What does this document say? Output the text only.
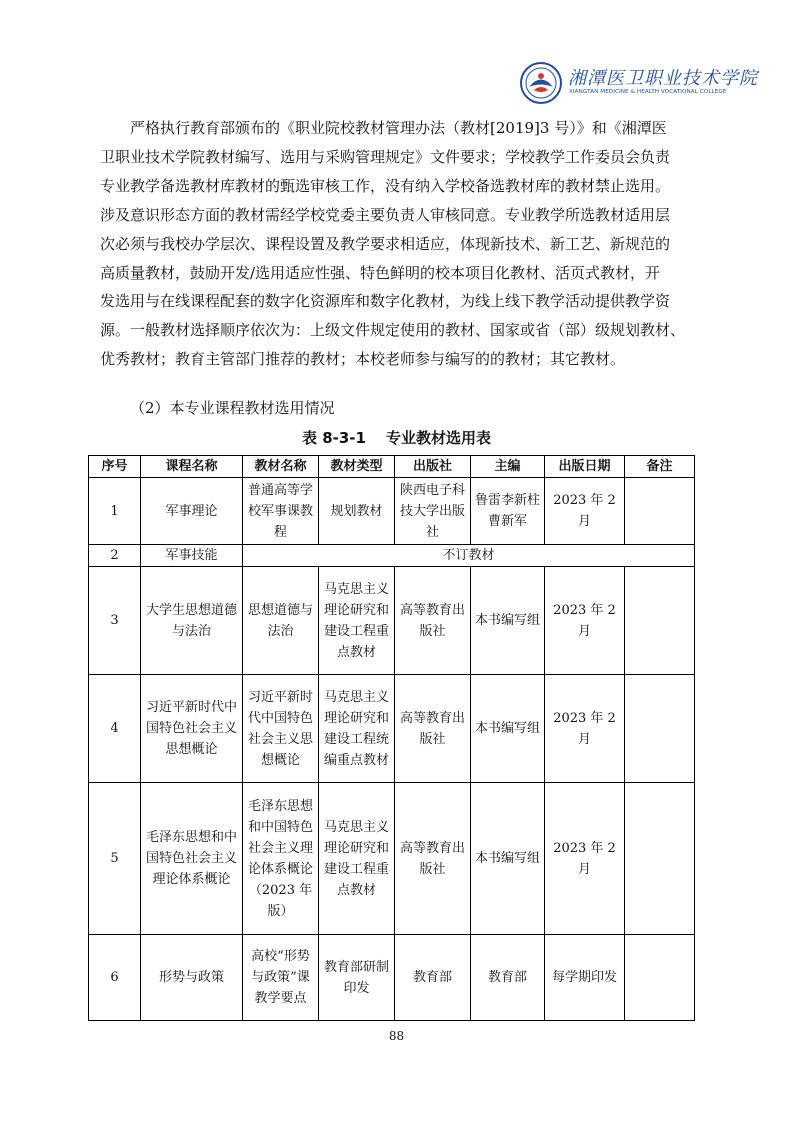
湘潭医卫职业技术学院
XIANGTAN MEDICINE & HEALTH VOCATIONAL COLLEGE

严格执行教育部颁布的《职业院校教材管理办法（教材[2019]3 号）》和《湘潭医
卫职业技术学院教材编写、选用与采购管理规定》文件要求；学校教学工作委员会负责
专业教学备选教材库教材的甄选审核工作，没有纳入学校备选教材库的教材禁止选用。
涉及意识形态方面的教材需经学校党委主要负责人审核同意。专业教学所选教材适用层
次必须与我校办学层次、课程设置及教学要求相适应，体现新技术、新工艺、新规范的
高质量教材，鼓励开发/选用适应性强、特色鲜明的校本项目化教材、活页式教材，开
发选用与在线课程配套的数字化资源库和数字化教材，为线上线下教学活动提供教学资
源。一般教材选择顺序依次为：上级文件规定使用的教材、国家或省（部）级规划教材、
优秀教材；教育主管部门推荐的教材；本校老师参与编写的的教材；其它教材。

（2）本专业课程教材选用情况
表 8-3-1 专业教材选用表
序号	课程名称	教材名称	教材类型	出版社	主编	出版日期	备注
1	军事理论	普通高等学校军事课教程	规划教材	陕西电子科技大学出版社	鲁雷李新柱曹新军	2023 年 2 月	
2	军事技能	不订教材					
3	大学生思想道德与法治	思想道德与法治	马克思主义理论研究和建设工程重点教材	高等教育出版社	本书编写组	2023 年 2 月	
4	习近平新时代中国特色社会主义思想概论	习近平新时代中国特色社会主义思想概论	马克思主义理论研究和建设工程统编重点教材	高等教育出版社	本书编写组	2023 年 2 月	
5	毛泽东思想和中国特色社会主义理论体系概论	毛泽东思想和中国特色社会主义理论体系概论（2023 年版）	马克思主义理论研究和建设工程重点教材	高等教育出版社	本书编写组	2023 年 2 月	
6	形势与政策	高校“形势与政策”课教学要点	教育部研制印发	教育部	教育部	每学期印发	
88
